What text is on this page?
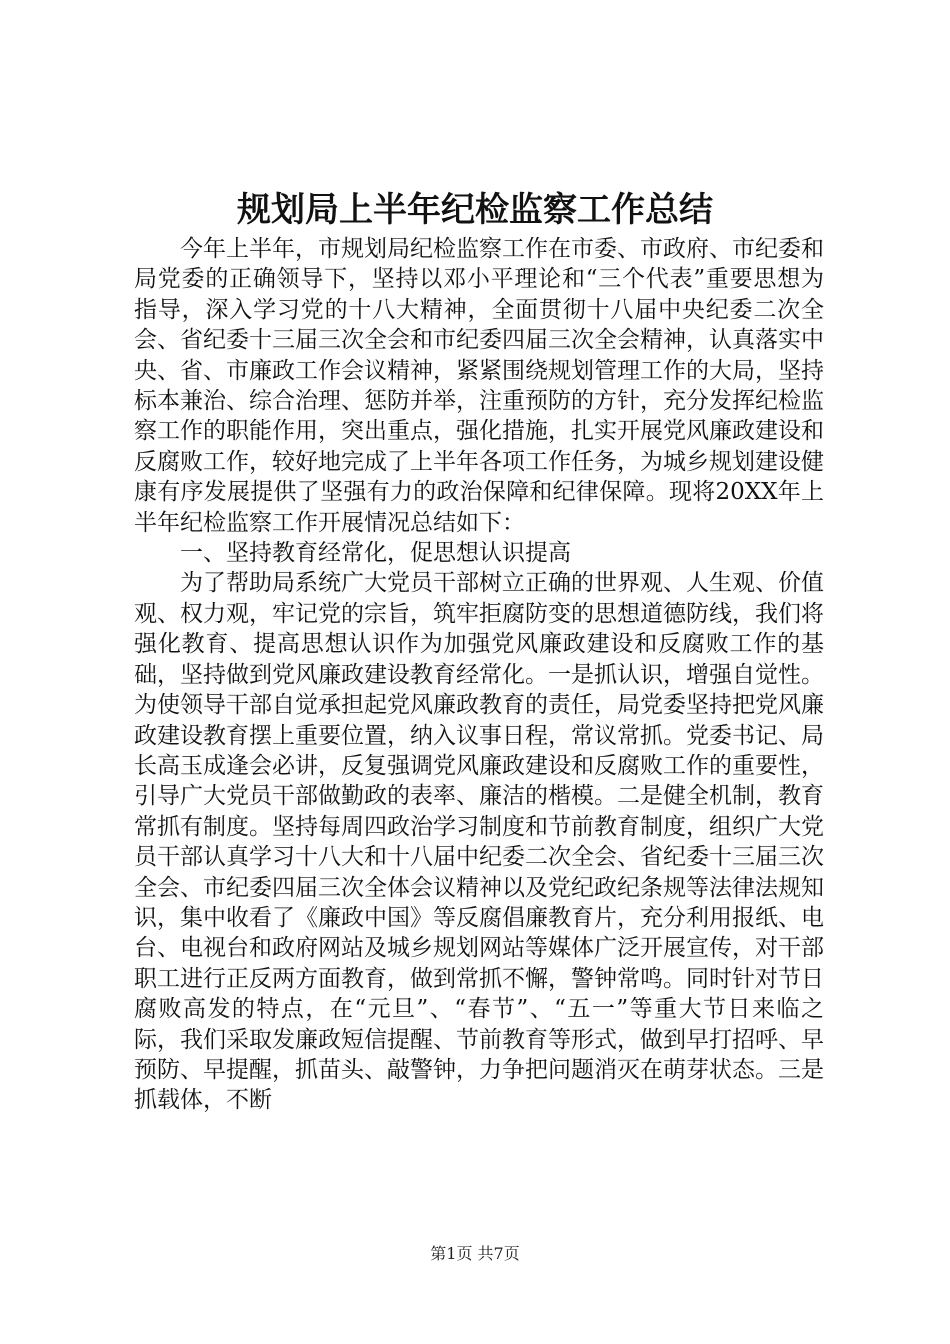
规划局上半年纪检监察工作总结

今年上半年，市规划局纪检监察工作在市委、市政府、市纪委和局党委的正确领导下，坚持以邓小平理论和“三个代表”重要思想为指导，深入学习党的十八大精神，全面贯彻十八届中央纪委二次全会、省纪委十三届三次全会和市纪委四届三次全会精神，认真落实中央、省、市廉政工作会议精神，紧紧围绕规划管理工作的大局，坚持标本兼治、综合治理、惩防并举，注重预防的方针，充分发挥纪检监察工作的职能作用，突出重点，强化措施，扎实开展党风廉政建设和反腐败工作，较好地完成了上半年各项工作任务，为城乡规划建设健康有序发展提供了坚强有力的政治保障和纪律保障。现将20XX年上半年纪检监察工作开展情况总结如下：

一、坚持教育经常化，促思想认识提高

为了帮助局系统广大党员干部树立正确的世界观、人生观、价值观、权力观，牢记党的宗旨，筑牢拒腐防变的思想道德防线，我们将强化教育、提高思想认识作为加强党风廉政建设和反腐败工作的基础，坚持做到党风廉政建设教育经常化。一是抓认识，增强自觉性。为使领导干部自觉承担起党风廉政教育的责任，局党委坚持把党风廉政建设教育摆上重要位置，纳入议事日程，常议常抓。党委书记、局长高玉成逢会必讲，反复强调党风廉政建设和反腐败工作的重要性，引导广大党员干部做勤政的表率、廉洁的楷模。二是健全机制，教育常抓有制度。坚持每周四政治学习制度和节前教育制度，组织广大党员干部认真学习十八大和十八届中纪委二次全会、省纪委十三届三次全会、市纪委四届三次全体会议精神以及党纪政纪条规等法律法规知识，集中收看了《廉政中国》等反腐倡廉教育片，充分利用报纸、电台、电视台和政府网站及城乡规划网站等媒体广泛开展宣传，对干部职工进行正反两方面教育，做到常抓不懈，警钟常鸣。同时针对节日腐败高发的特点，在“元旦”、“春节”、“五一”等重大节日来临之际，我们采取发廉政短信提醒、节前教育等形式，做到早打招呼、早预防、早提醒，抓苗头、敲警钟，力争把问题消灭在萌芽状态。三是抓载体，不断

第1页 共7页
